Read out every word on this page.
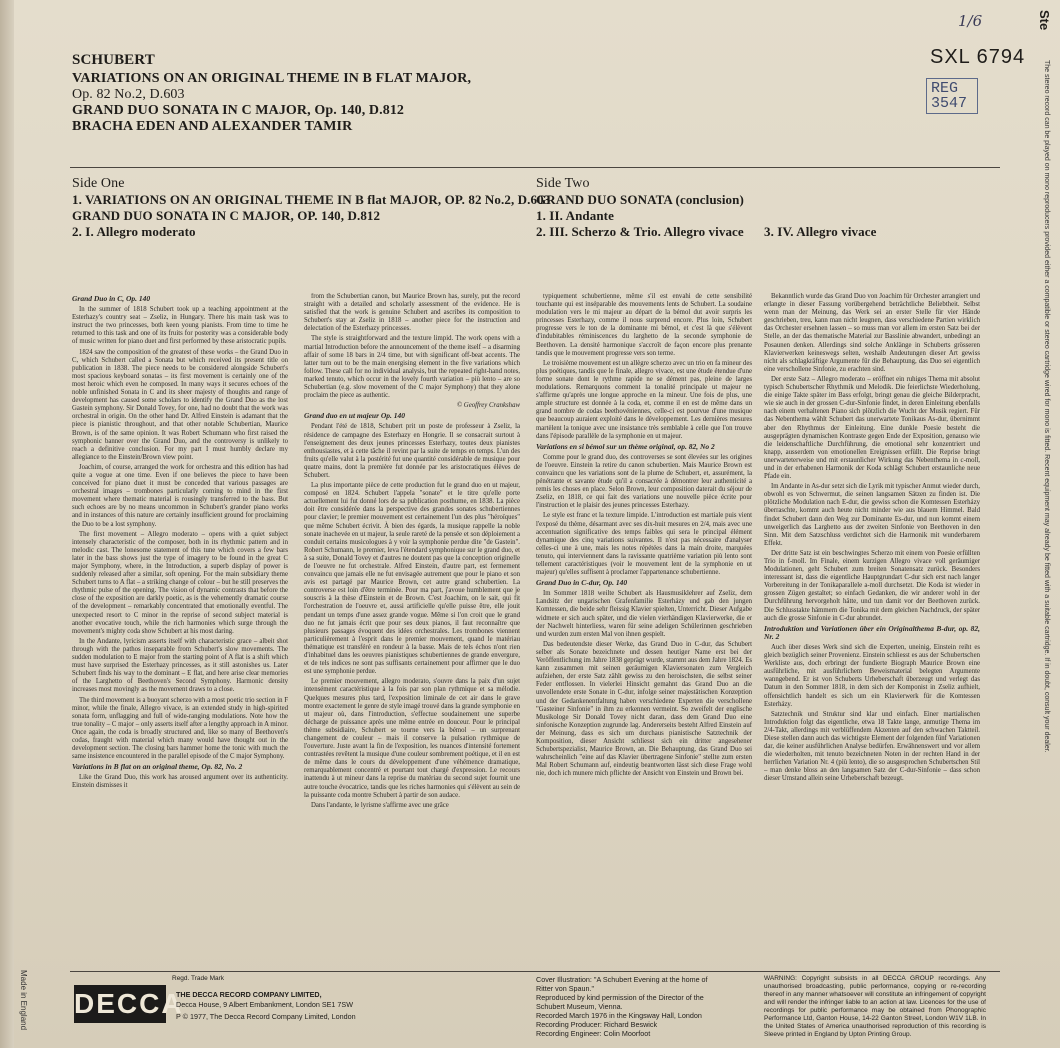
SCHUBERT
VARIATIONS ON AN ORIGINAL THEME IN B FLAT MAJOR,
Op. 82 No.2, D.603
GRAND DUO SONATA IN C MAJOR, Op. 140, D.812
BRACHA EDEN AND ALEXANDER TAMIR
SXL 6794
1/6
REG
3547
Ste
The stereo record can be played on mono reproducers provided either a compatible or stereo cartridge wired for mono is fitted. Recent equipment may already be fitted with a suitable cartridge. If in doubt, consult your dealer.
Side One
1. VARIATIONS ON AN ORIGINAL THEME IN B flat MAJOR, OP. 82 No.2, D.603
GRAND DUO SONATA IN C MAJOR, OP. 140, D.812
2. I. Allegro moderato
Side Two
GRAND DUO SONATA (conclusion)
1. II. Andante
2. III. Scherzo & Trio. Allegro vivace 3. IV. Allegro vivace
Grand Duo in C, Op. 140

In the summer of 1818 Schubert took up a teaching appointment at the Esterhazy's country seat – Zseliz, in Hungary. There his main task was to instruct the two princesses, both keen young pianists. From time to time he returned to this task and one of its fruits for posterity was a considerable body of music written for piano duet and first performed by these aristocratic pupils.

1824 saw the composition of the greatest of these works – the Grand Duo in C, which Schubert called a Sonata but which received its present title on publication in 1838. The piece needs to be considered alongside Schubert's most spacious keyboard sonatas – its first movement is certainly one of the most heroic which even he composed. In many ways it secures echoes of the noble unfinished Sonata in C and its sheer majesty of thoughts and range of development has caused some scholars to identify the Grand Duo as the lost Gastein symphony. Sir Donald Tovey, for one, had no doubt that the work was orchestral in origin. On the other hand Dr. Alfred Einstein is adamant that the piece is pianistic throughout, and that other notable Schubertian, Maurice Brown, is of the same opinion. It was Robert Schumann who first raised the symphonic banner over the Grand Duo, and the controversy is unlikely to reach a definitive conclusion. For my part I must humbly declare my allegiance to the Einstein/Brown view point.

Joachim, of course, arranged the work for orchestra and this edition has had quite a vogue at one time. Even if one believes the piece to have been conceived for piano duet it must be conceded that various passages are orchestral images – trombones particularly coming to mind in the first movement where thematic material is rousingly transferred to the bass. But such echoes are by no means uncommon in Schubert's grander piano works and in instances of this nature are certainly insufficient ground for proclaiming the Duo to be a lost symphony.

The first movement – Allegro moderato – opens with a quiet subject intensely characteristic of the composer, both in its rhythmic pattern and in melodic cast. The lonesome statement of this tune which covers a few bars later in the bass shows just the type of imagery to be found in the great C major Symphony, where, in the Introduction, a superb display of power is suddenly released after a similar, soft opening. For the main subsidiary theme Schubert turns to A flat – a striking change of colour – but he still preserves the rhythmic pulse of the opening. The vision of dynamic contrasts that before the close of the exposition are darkly poetic, as is the vehemently dramatic course of the development – remarkably concentrated that emotionally eventful. The unexpected resort to C minor in the reprise of second subject material is another evocative touch, while the rich harmonies which surge through the movement's mighty coda show Schubert at his most daring.

In the Andante, lyricism asserts itself with characteristic grace – albeit shot through with the pathos inseparable from Schubert's slow movements. The sudden modulation to E major from the starting point of A flat is a shift which must have surprised the Esterhazy princesses, as it still astonishes us. Later Schubert finds his way to the dominant – E flat, and here arise clear memories of the Larghetto of Beethoven's Second Symphony. Harmonic density increases most movingly as the movement draws to a close.

The third movement is a buoyant scherzo with a most poetic trio section in F minor, while the finale, Allegro vivace, is an extended study in high-spirited sonata form, unflagging and full of wide-ranging modulations. Note how the true tonality – C major – only asserts itself after a lengthy approach in A minor. Once again, the coda is broadly structured and, like so many of Beethoven's codas, fraught with material which many would have thought out in the development section. The closing bars hammer home the tonic with much the same insistence encountered in the parallel episode of the C major Symphony.

Variations in B flat on an original theme, Op. 82, No. 2

Like the Grand Duo, this work has aroused argument over its authenticity. Einstein dismisses it

from the Schubertian canon, but Maurice Brown has, surely, put the record straight with a detailed and scholarly assessment of the evidence. He is satisfied that the work is genuine Schubert and ascribes its composition to Schubert's stay at Zseliz in 1818 – another piece for the instruction and delectation of the Esterhazy princesses.

The style is straightforward and the texture limpid. The work opens with a martial Introduction before the announcement of the theme itself – a disarming affair of some 18 bars in 2/4 time, but with significant off-beat accents. The latter turn out to be the main energising element in the five variations which follow. These call for no individual analysis, but the repeated right-hand notes, marked tenuto, which occur in the lovely fourth variation – più lento – are so Schubertian (e.g. slow movement of the C major Symphony) that they alone proclaim the piece as authentic.

© Geoffrey Crankshaw

Grand duo en ut majeur Op. 140

Pendant l'été de 1818, Schubert prit un poste de professeur à Zseliz, la résidence de campagne des Esterhazy en Hongrie. Il se consacrait surtout à l'enseignement des deux jeunes princesses Esterhazy, toutes deux pianistes enthousiastes, et à cette tâche il revint par la suite de temps en temps. L'un des fruits qu'elle valut à la postérité fut une quantité considérable de musique pour quatre mains, dont la première fut donnée par les aristocratiques élèves de Schubert.

La plus importante pièce de cette production fut le grand duo en ut majeur, composé en 1824. Schubert l'appela "sonate" et le titre qu'elle porte actuellement lui fut donné lors de sa publication posthume, en 1838. La pièce doit être considérée dans la perspective des grandes sonates schubertiennes pour clavier; le premier mouvement est certainement l'un des plus "héroïques" que même Schubert écrivit. À bien des égards, la musique rappelle la noble sonate inachevée en ut majeur, la seule rareté de la pensée et son déploiement a conduit certains musicologues à y voir la symphonie perdue dite "de Gastein". Robert Schumann, le premier, leva l'étendard symphonique sur le grand duo, et à sa suite, Donald Tovey et d'autres ne doutent pas que la conception originelle de l'oeuvre ne fut orchestrale. Alfred Einstein, d'autre part, est fermement convaincu que jamais elle ne fut envisagée autrement que pour le piano et son avis est partagé par Maurice Brown, cet autre grand schubertien. La controverse est loin d'être terminée. Pour ma part, j'avoue humblement que je souscris à la thèse d'Einstein et de Brown. C'est Joachim, on le sait, qui fit l'orchestration de l'oeuvre et, aussi artificielle qu'elle puisse être, elle jouit pendant un temps d'une assez grande vogue. Même si l'on croit que le grand duo ne fut jamais écrit que pour ses deux pianos, il faut reconnaître que plusieurs passages évoquent des idées orchestrales. Les trombones viennent particulièrement à l'esprit dans le premier mouvement, quand le matériau thématique est transféré en rondeur à la basse. Mais de tels échos n'ont rien d'inhabituel dans les oeuvres pianistiques schubertiennes de grande envergure, et de tels indices ne sont pas suffisants certainement pour affirmer que le duo est une symphonie perdue.

Le premier mouvement, allegro moderato, s'ouvre dans la paix d'un sujet intensément caractéristique à la fois par son plan rythmique et sa mélodie. Quelques mesures plus tard, l'exposition liminale de cet air dans le grave montre exactement le genre de style imagé trouvé dans la grande symphonie en ut majeur où, dans l'introduction, s'effectue soudainement une superbe décharge de puissance après une même entrée en douceur. Pour le principal thème subsidiaire, Schubert se tourne vers la bémol – un surprenant changement de couleur – mais il conserve la pulsation rythmique de l'ouverture. Juste avant la fin de l'exposition, les nuances d'intensité fortement contrastées revêtent la musique d'une couleur sombrement poétique, et il en est de même dans le cours du développement d'une véhémence dramatique, remarquablement concentré et pourtant tout chargé d'expression. Le recours inattendu à ut mineur dans la reprise du matériau du second sujet fournit une autre touche évocatrice, tandis que les riches harmonies qui s'élèvent au sein de la puissante coda montre Schubert à partir de son audace.

Dans l'andante, le lyrisme s'affirme avec une grâce

typiquement schubertienne, même s'il est envahi de cette sensibilité touchante qui est inséparable des mouvements lents de Schubert. La soudaine modulation vers le mi majeur au départ de la bémol dut avoir surpris les princesses Esterhazy, comme il nous surprend encore. Plus loin, Schubert progresse vers le ton de la dominante mi bémol, et c'est là que s'élèvent d'indubitables réminiscences du larghetto de la seconde symphonie de Beethoven. La densité harmonique s'accroît de façon encore plus prenante tandis que le mouvement progresse vers son terme.

Le troisième mouvement est un allègre scherzo avec un trio en fa mineur des plus poétiques, tandis que le finale, allegro vivace, est une étude étendue d'une forme sonate dont le rythme rapide ne se dément pas, pleine de larges modulations. Remarquons comment la tonalité principale ut majeur ne s'affirme qu'après une longue approche en la mineur. Une fois de plus, une ample structure est donnée à la coda, et, comme il en est de même dans un grand nombre de codas beethovéniennes, celle-ci est pourvue d'une musique que beaucoup auraient exploité dans le développement. Les dernières mesures martèlent la tonique avec une insistance très semblable à celle que l'on trouve dans l'épisode parallèle de la symphonie en ut majeur.

Variations en si bémol sur un thème original, op. 82, No 2

Comme pour le grand duo, des controverses se sont élevées sur les origines de l'oeuvre. Einstein la retire du canon schubertien. Mais Maurice Brown est convaincu que les variations sont de la plume de Schubert, et, assurément, la pénétrante et savante étude qu'il a consacrée à démontrer leur authenticité a remis les choses en place. Selon Brown, leur composition daterait du séjour de Zseliz, en 1818, ce qui fait des variations une nouvelle pièce écrite pour l'instruction et le plaisir des jeunes princesses Esterhazy.

Le style est franc et la texture limpide. L'introduction est martiale puis vient l'exposé du thème, désarmant avec ses dix-huit mesures en 2/4, mais avec une accentuation significative des temps faibles qui sera le principal élément dynamique des cinq variations suivantes. Il n'est pas nécessaire d'analyser celles-ci une à une, mais les notes répétées dans la main droite, marquées tenuto, qui interviennent dans la ravissante quatrième variation più lento sont tellement caractéristiques (voir le mouvement lent de la symphonie en ut majeur) qu'elles suffisent à proclamer l'appartenance schubertienne.

Grand Duo in C-dur, Op. 140

Im Sommer 1818 weilte Schubert als Hausmusiklehrer auf Zseliz, dem Landsitz der ungarischen Grafenfamilie Esterházy und gab den jungen Komtessen, die beide sehr fleissig Klavier spielten, Unterricht. Dieser Aufgabe widmete er sich auch später, und die vielen vierhändigen Klavierwerke, die er der Nachwelt hinterliess, waren für seine adeligen Schülerinnen geschrieben und wurden zum ersten Mal von ihnen gespielt.

Das bedeutendste dieser Werke, das Grand Duo in C-dur, das Schubert selber als Sonate bezeichnete und dessen heutiger Name erst bei der Veröffentlichung im Jahre 1838 geprägt wurde, stammt aus dem Jahre 1824. Es kann zusammen mit seinen geräumigen Klaviersonaten zum Vergleich aufziehen, der erste Satz zählt gewiss zu den heroischsten, die selbst seiner Feder entflossen. In vielerlei Hinsicht gemahnt das Grand Duo an die unvollendete erste Sonate in C-dur, infolge seiner majestätischen Konzeption und der Gedankenentfaltung haben verschiedene Experten die verschollene "Gasteiner Sinfonie" in ihm zu erkennen vermeint. So zweifelt der englische Musikologe Sir Donald Tovey nicht daran, dass dem Grand Duo eine sinfonische Konzeption zugrunde lag. Andererseits besteht Alfred Einstein auf der Meinung, dass es sich um durchaus pianistische Satztechnik der Komposition, dieser Ansicht schliesst sich ein dritter angesehener Schubertspezialist, Maurice Brown, an. Die Behauptung, das Grand Duo sei wahrscheinlich "eine auf das Klavier übertragene Sinfonie" stellte zum ersten Mal Robert Schumann auf, eindeutig beantworten lässt sich diese Frage wohl nie, doch ich munere mich pflichte der Ansicht von Einstein und Brown bei.

Bekanntlich wurde das Grand Duo von Joachim für Orchester arrangiert und erlangte in dieser Fassung vorübergehend beträchtliche Beliebtheit. Selbst wenn man der Meinung, das Werk sei an erster Stelle für vier Hände geschrieben, treu, kann man nicht leugnen, dass verschiedene Partien wirklich das Orchester ersehnen lassen – so muss man vor allem im ersten Satz bei der Stelle, an der das thematische Material zur Basslinie abwandert, unbedingt an Posaunen denken. Allerdings sind solche Anklänge in Schuberts grösseren Klavierwerken keineswegs selten, weshalb Andeutungen dieser Art gewiss nicht als schlagkräftige Argumente für die Behauptung, das Duo sei eigentlich eine verschollene Sinfonie, zu erachten sind.

Der erste Satz – Allegro moderato – eröffnet ein ruhiges Thema mit absolut typisch Schubertscher Rhythmik und Melodik. Die feierlichste Wiederholung, die einige Takte später im Bass erfolgt, bringt genau die gleiche Bilderpracht, wie sie auch in der grossen C-dur-Sinfonie findet, in deren Einleitung ebenfalls nach einem verhaltenen Piano sich plötzlich die Wucht der Musik regiert. Für das Nebenthema wählt Schubert das unerwartete Tonikaus As-dur, übernimmt aber den Rhythmus der Einleitung. Eine dunkle Poesie besteht die ausgeprägten dynamischen Kontraste gegen Ende der Exposition, genauso wie die leidenschaftliche Durchführung, die emotional sehr konzentriert und knapp, ausserdem von emotionellen Ereignissen erfüllt. Die Reprise bringt unerwarteterweise und mit erstaunlicher Wirkung das Nebenthema in c-moll, und in der erhabenen Harmonik der Koda schlägt Schubert erstaunliche neue Pfade ein.

Im Andante in As-dur setzt sich die Lyrik mit typischer Anmut wieder durch, obwohl es von Schwermut, die seinen langsamen Sätzen zu finden ist. Die plötzliche Modulation nach E-dur, die gewiss schon die Komtessen Esterházy überraschte, kommt auch heute nicht minder wie aus blauem Himmel. Bald findet Schubert dann den Weg zur Dominante Es-dur, und nun kommt einem unweigerlich das Larghetto aus der zweiten Sinfonie von Beethoven in den Sinn. Mit dem Satzschluss verdichtet sich die Harmonik mit wunderbarem Effekt.

Der dritte Satz ist ein beschwingtes Scherzo mit einem von Poesie erfüllten Trio in f-moll. Im Finale, einem kurzigen Allegro vivace voll geräumiger Modulationen, geht Schubert zum breiten Sonatensatz zurück. Besonders interessant ist, dass die eigentliche Hauptgrundart C-dur sich erst nach langer Vorbereitung in der Tonikaparallele a-moll durchsetzt. Die Koda ist wieder in grossen Zügen gestaltet; so einfach Gedanken, die wir anderer wohl in der Durchführung hervorgeholt hätte, und tun damit vor der Beethoven zurück. Die Schlusstakte hämmern die Tonika mit dem gleichen Nachdruck, der später auch die grosse Sinfonie in C-dur abrundet.

Introduktion und Variationen über ein Originalthema B-dur, op. 82, Nr. 2

Auch über dieses Werk sind sich die Experten, uneinig, Einstein reiht es gleich bezüglich seiner Provenienz. Einstein schliesst es aus der Schubertschen Werkliste aus, doch erbringt der fundierte Biograph Maurice Brown eine ausführliche, mit ausführlichem Beweismaterial belegten Argumente wanngebend. Er ist von Schuberts Urheberschaft überzeugt und verlegt das Datum in den Sommer 1818, in dem sich der Komponist in Zseliz aufhielt, offensichtlich handelt es sich um ein Klavierwerk für die Komtessen Esterházy.

Satztechnik und Struktur sind klar und einfach. Einer martialischen Introduktion folgt das eigentliche, etwa 18 Takte lange, anmutige Thema im 2/4-Takt, allerdings mit verblüffendem Akzenten auf den schwachen Taktteil. Diese stellen dann auch das wichtigste Element der folgenden fünf Variationen dar, die keiner ausführlichen Analyse bedürfen. Erwähnenswert und vor allem die wiederholten, mit tenuto bezeichneten Noten in der rechten Hand in der herrlichen Variation Nr. 4 (più lento), die so ausgesprochen Schubertschen Stil – man denke bloss an den langsamen Satz der C-dur-Sinfonie – dass schon dieser Umstand allein seine Urheberschaft bezeugt.

Regd. Trade Mark
DECCA
THE DECCA RECORD COMPANY LIMITED,
Decca House, 9 Albert Embankment, London SE1 7SW
P © 1977, The Decca Record Company Limited, London
Made in England	Cover Illustration: "A Schubert Evening at the home of
Ritter von Spaun."
Reproduced by kind permission of the Director of the
Schubert Museum, Vienna.
Recorded March 1976 in the Kingsway Hall, London
Recording Producer: Richard Beswick
Recording Engineer: Colin Moorfoot
WARNING: Copyright subsists in all DECCA GROUP recordings. Any unauthorised broadcasting, public performance, copying or re-recording thereof in any manner whatsoever will constitute an infringement of copyright and will render the infringer liable to an action at law. Licences for the use of recordings for public performance may be obtained from Phonographic Performance Ltd, Ganton House, 14-22 Ganton Street, London W1V 1LB. In the United States of America unauthorised reproduction of this recording is
Sleeve printed in England by Upton Printing Group.
